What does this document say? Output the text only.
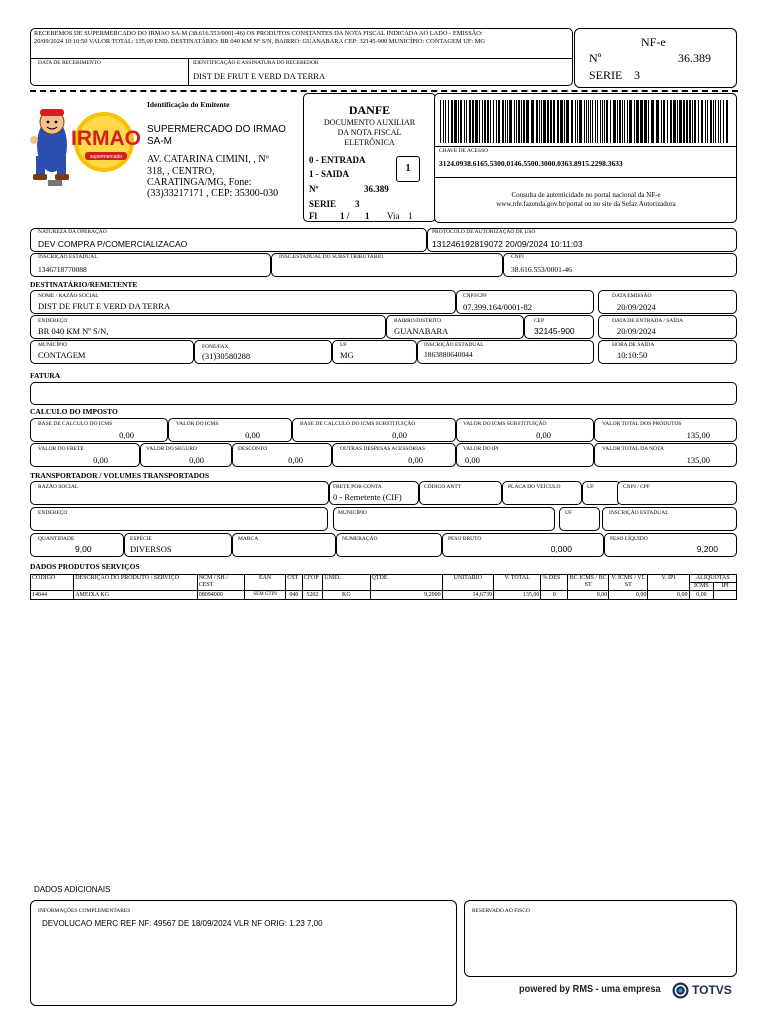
RECEBEMOS DE SUPERMERCADO DO IRMAO SA-M (38.616.553/0001-46) OS PRODUTOS CONSTANTES DA NOTA FISCAL INDICADA AO LADO - EMISSÃO: 20/09/2024 10:10:50 VALOR TOTAL: 135,00 END. DESTINATÁRIO: BR 040 KM Nº S/N, BAIRRO: GUANABARA CEP: 32145-900 MUNICÍPIO: CONTAGEM UF: MG
DATA DE RECEBIMENTO	IDENTIFICAÇÃO E ASSINATURA DO RECEBEDOR
DIST DE FRUT E VERD DA TERRA
NF-e
Nº	36.389
SERIE 3
Identificação do Emitente
IRMAO
supermercado
SUPERMERCADO DO IRMAO SA-M
AV. CATARINA CIMINI, , Nº
318, , CENTRO,
CARATINGA/MG, Fone:
(33)33217171 , CEP: 35300-030
DANFE
DOCUMENTO AUXILIAR
DA NOTA FISCAL
ELETRÔNICA
0 - ENTRADA
1 - SAIDA	1
Nº	36.389
SERIE 3
Fl	1 / 1 Via 1
CHAVE DE ACESSO
3124.0938.6165.5300.0146.5500.3000.0363.8915.2298.3633
Consulta de autenticidade no portal nacional da NF-e
www.nfe.fazenda.gov.br/portal ou no site da Sefaz Autorizadora
NATUREZA DA OPERAÇÃO
DEV COMPRA P/COMERCIALIZACAO
PROTOCOLO DE AUTORIZAÇÃO DE USO
131246192819072 20/09/2024 10:11:03
INSCRIÇÃO ESTADUAL
1346718770088
INSC.ESTADUAL DO SUBST.TRIBUTÁRIO	CNPJ
38.616.553/0001-46
DESTINATÁRIO/REMETENTE
NOME / RAZÃO SOCIAL
DIST DE FRUT E VERD DA TERRA
CNPJ/CPF
07.399.164/0001-82
DATA EMISSÃO
20/09/2024
ENDEREÇO
BR 040 KM Nº S/N,
BAIRRO/DISTRITO
GUANABARA
CEP
32145-900
DATA DE ENTRADA / SAÍDA
20/09/2024
MUNICÍPIO
CONTAGEM
FONE/FAX
(31)30580288
UF
MG
INSCRIÇÃO ESTADUAL
1863880640044
HORA DE SAÍDA
10:10:50
FATURA
CALCULO DO IMPOSTO
BASE DE CALCULO DO ICMS
0,00
VALOR DO ICMS
0,00
BASE DE CALCULO DO ICMS SUBSTITUIÇÃO
0,00
VALOR DO ICMS SUBSTITUIÇÃO
0,00
VALOR TOTAL DOS PRODUTOS
135,00
VALOR DO FRETE
0,00
VALOR DO SEGURO
0,00
DESCONTO
0,00
OUTRAS DESPESAS ACESSÓRIAS
0,00
VALOR DO IPI
0,00
VALOR TOTAL DA NOTA
135,00
TRANSPORTADOR / VOLUMES TRANSPORTADOS
RAZÃO SOCIAL	FRETE POR CONTA
0 - Remetente (CIF)
CÓDIGO ANTT	PLACA DO VEÍCULO	UF	CNPJ / CPF
ENDEREÇO	MUNICÍPIO	UF	INSCRIÇÃO ESTADUAL
QUANTIDADE
9,00
ESPÉCIE
DIVERSOS
MARCA	NUMERAÇÃO	PESO BRUTO
0,000
PESO LÍQUIDO
9,200
DADOS PRODUTOS SERVIÇOS
CODIGO	DESCRIÇÃO DO PRODUTO / SERVIÇO	NCM / SH / CEST	EAN	CST	CFOP	UNID.	QTDE	UNITARIO	V. TOTAL	% DES	BC ICMS / BC ST	V. ICMS / VL ST	V. IPI	ALIQUOTAS	
														ICMS	IPI
14044	AMEIXA KG	08094000	SEM GTIN	040	5202	KG	9,2000	14,6739	135,00	0	0,00	0,00	0,00	0,00	

DADOS ADICIONAIS
INFORMAÇÕES COMPLEMENTARES
DEVOLUCAO MERC REF NF: 49567 DE 18/09/2024 VLR NF ORIG: 1.23 7,00
RESERVADO AO FISCO
powered by RMS - uma empresa	TOTVS
